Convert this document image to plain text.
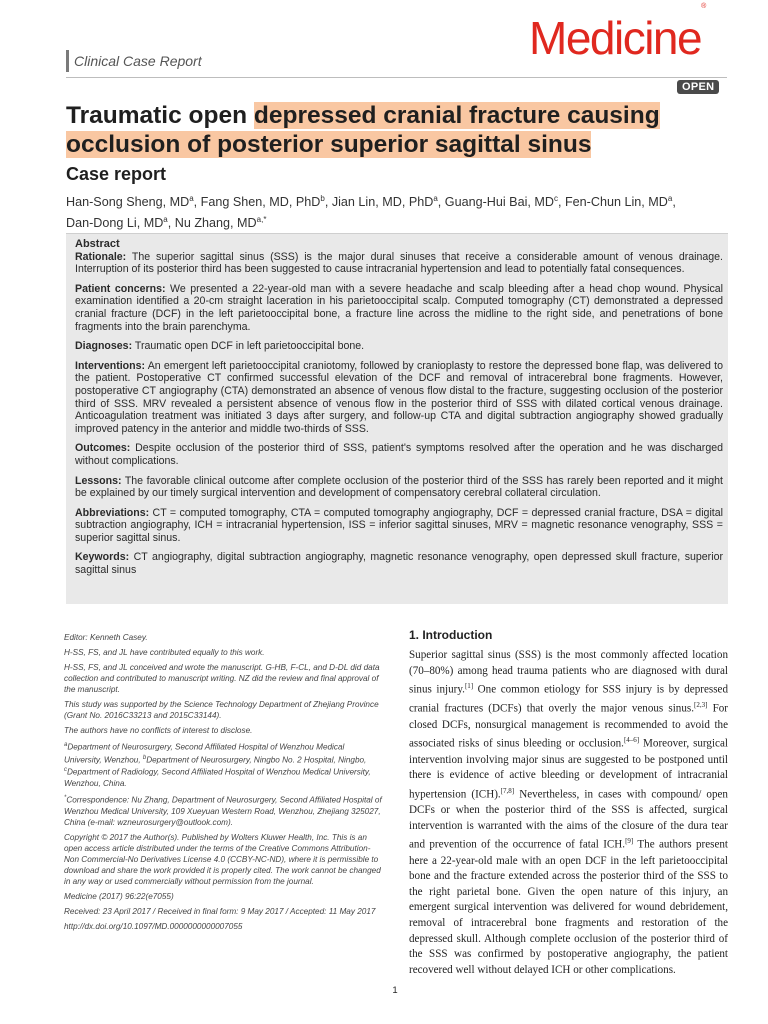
Clinical Case Report	Medicine®
OPEN
Traumatic open depressed cranial fracture causing
occlusion of posterior superior sagittal sinus
Case report
Han-Song Sheng, $MD^a$, Fang Shen, MD, PhD$^b$, Jian Lin, MD, PhD$^a$, Guang-Hui Bai, $MD^c$, Fen-Chun Lin, $MD^a$,
Dan-Dong Li, $MD^a$, Nu Zhang, $MD^{a,*}$
Abstract

Rationale: The superior sagittal sinus (SSS) is the major dural sinuses that receive a considerable amount of venous drainage. Interruption of its posterior third has been suggested to cause intracranial hypertension and lead to potentially fatal consequences.

Patient concerns: We presented a 22-year-old man with a severe headache and scalp bleeding after a head chop wound. Physical examination identified a 20-cm straight laceration in his parietooccipital scalp. Computed tomography (CT) demonstrated a depressed cranial fracture (DCF) in the left parietooccipital bone, a fracture line across the midline to the right side, and penetrations of bone fragments into the brain parenchyma.

Diagnoses: Traumatic open DCF in left parietooccipital bone.

Interventions: An emergent left parietooccipital craniotomy, followed by cranioplasty to restore the depressed bone flap, was delivered to the patient. Postoperative CT confirmed successful elevation of the DCF and removal of intracerebral bone fragments. However, postoperative CT angiography (CTA) demonstrated an absence of venous flow distal to the fracture, suggesting occlusion of the posterior third of SSS. MRV revealed a persistent absence of venous flow in the posterior third of SSS with dilated cortical venous drainage. Anticoagulation treatment was initiated 3 days after surgery, and follow-up CTA and digital subtraction angiography showed gradually improved patency in the anterior and middle two-thirds of SSS.

Outcomes: Despite occlusion of the posterior third of SSS, patient's symptoms resolved after the operation and he was discharged without complications.

Lessons: The favorable clinical outcome after complete occlusion of the posterior third of the SSS has rarely been reported and it might be explained by our timely surgical intervention and development of compensatory cerebral collateral circulation.

Abbreviations: CT = computed tomography, CTA = computed tomography angiography, DCF = depressed cranial fracture, DSA = digital subtraction angiography, ICH = intracranial hypertension, ISS = inferior sagittal sinuses, MRV = magnetic resonance venography, SSS = superior sagittal sinus.

Keywords: CT angiography, digital subtraction angiography, magnetic resonance venography, open depressed skull fracture, superior sagittal sinus

Editor: Kenneth Casey.

H-SS, FS, and JL have contributed equally to this work.

H-SS, FS, and JL conceived and wrote the manuscript. G-HB, F-CL, and D-DL did data collection and contributed to manuscript writing. NZ did the review and final approval of the manuscript.

This study was supported by the Science Technology Department of Zhejiang Province (Grant No. 2016C33213 and 2015C33144).

The authors have no conflicts of interest to disclose.

$^a$Department of Neurosurgery, Second Affiliated Hospital of Wenzhou Medical University, Wenzhou, $^b$Department of Neurosurgery, Ningbo No. 2 Hospital, Ningbo, $^c$Department of Radiology, Second Affiliated Hospital of Wenzhou Medical University, Wenzhou, China.

*Correspondence: Nu Zhang, Department of Neurosurgery, Second Affiliated Hospital of Wenzhou Medical University, 109 Xueyuan Western Road, Wenzhou, Zhejiang 325027, China (e-mail: wzneurosurgery@outlook.com).

Copyright © 2017 the Author(s). Published by Wolters Kluwer Health, Inc. This is an open access article distributed under the terms of the Creative Commons Attribution-Non Commercial-No Derivatives License 4.0 (CCBY-NC-ND), where it is permissible to download and share the work provided it is properly cited. The work cannot be changed in any way or used commercially without permission from the journal.

Medicine (2017) 96:22(e7055)

Received: 23 April 2017 / Received in final form: 9 May 2017 / Accepted: 11 May 2017

http://dx.doi.org/10.1097/MD.0000000000007055

1. Introduction
Superior sagittal sinus (SSS) is the most commonly affected location (70–80%) among head trauma patients who are diagnosed with dural sinus injury.[1] One common etiology for SSS injury is by depressed cranial fractures (DCFs) that overly the major venous sinus.[2,3] For closed DCFs, nonsurgical management is recommended to avoid the associated risks of sinus bleeding or occlusion.[4–6] Moreover, surgical intervention involving major sinus are suggested to be postponed until there is evidence of active bleeding or development of intracranial hypertension (ICH).[7,8] Nevertheless, in cases with compound/ open DCFs or when the posterior third of the SSS is affected, surgical intervention is warranted with the aims of the closure of the dura tear and prevention of the occurrence of fatal ICH.[9] The authors present here a 22-year-old male with an open DCF in the left parietooccipital bone and the fracture extended across the posterior third of the SSS to the right parietal bone. Given the open nature of this injury, an emergent surgical intervention was delivered for wound debridement, removal of intracerebral bone fragments and restoration of the depressed skull. Although complete occlusion of the posterior third of the SSS was confirmed by postoperative angiography, the patient recovered well without delayed ICH or other complications.
1
